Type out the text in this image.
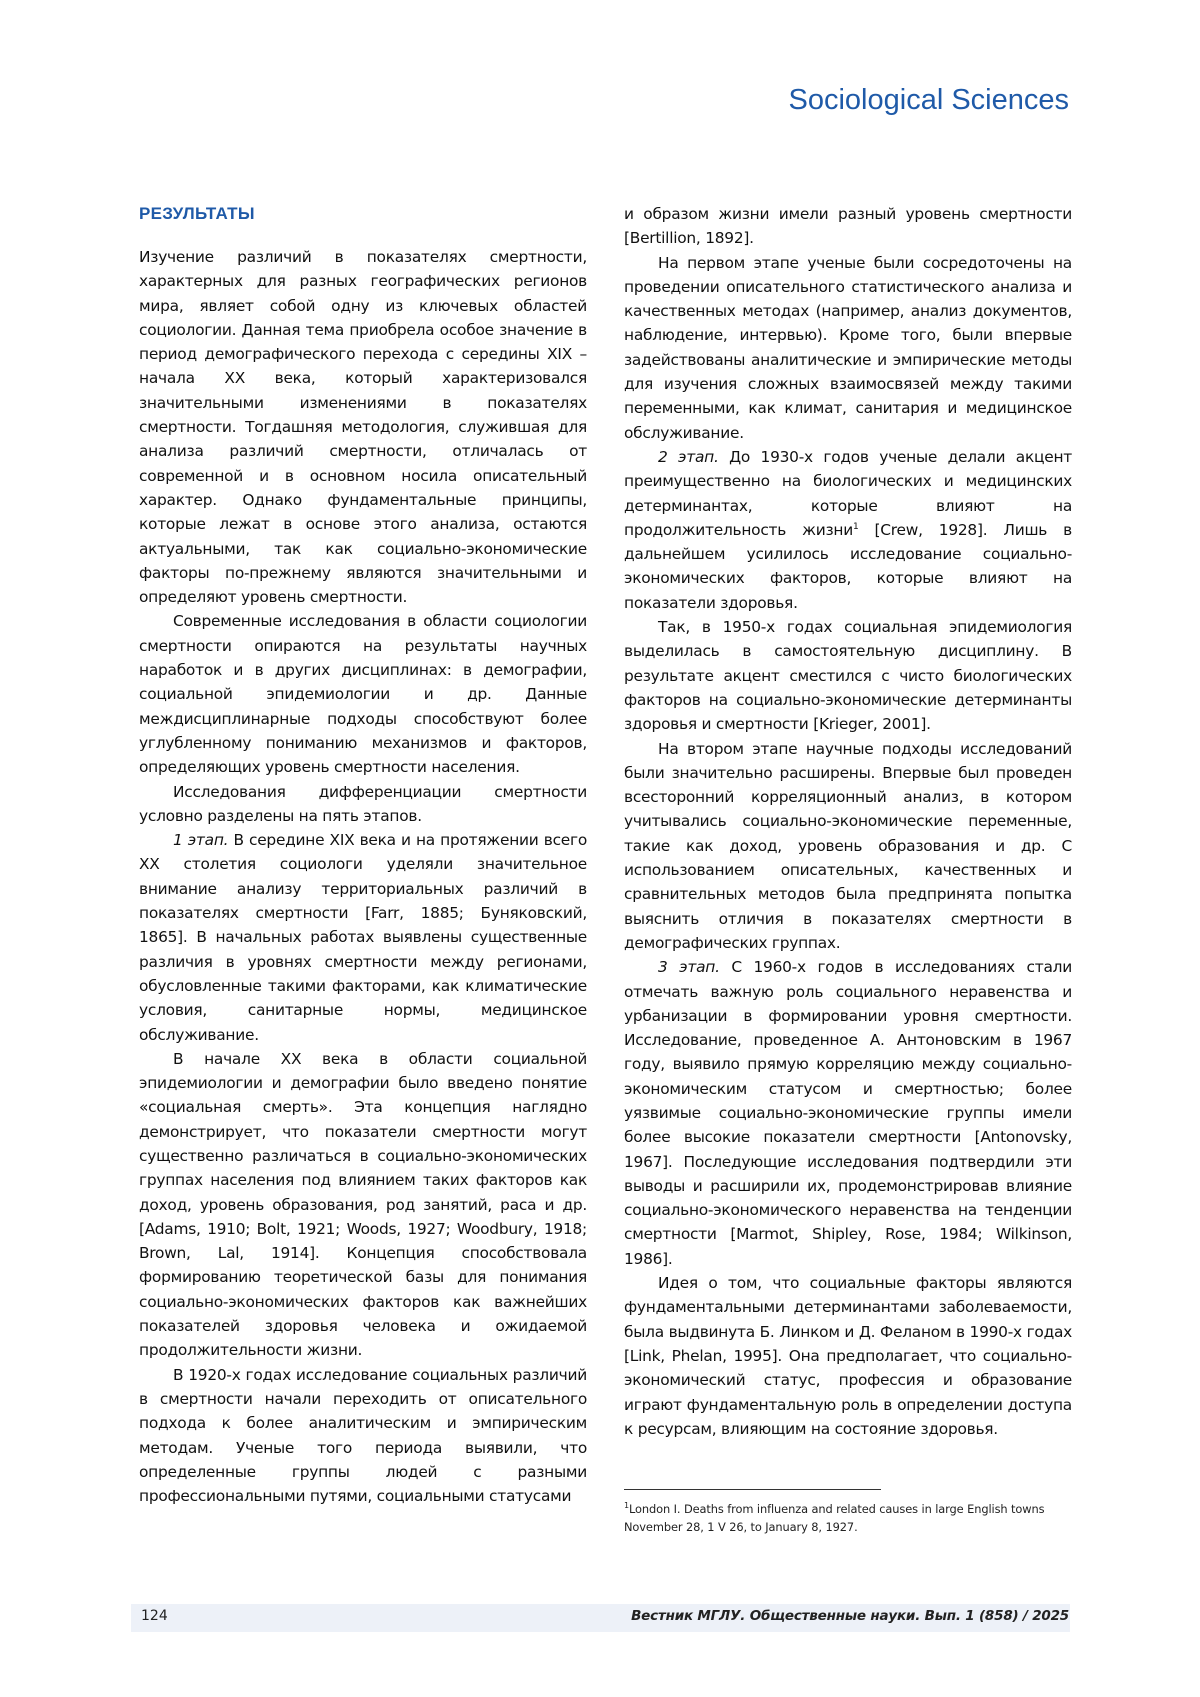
Sociological Sciences
РЕЗУЛЬТАТЫ

Изучение различий в показателях смертности, характерных для разных географических регионов мира, являет собой одну из ключевых областей социологии. Данная тема приобрела особое значение в период демографического перехода с середины XIX – начала XX века, который характеризовался значительными изменениями в показателях смертности. Тогдашняя методология, служившая для анализа различий смертности, отличалась от современной и в основном носила описательный характер. Однако фундаментальные принципы, которые лежат в основе этого анализа, остаются актуальными, так как социально-экономические факторы по-прежнему являются значительными и определяют уровень смертности.

Современные исследования в области социологии смертности опираются на результаты научных наработок и в других дисциплинах: в демографии, социальной эпидемиологии и др. Данные междисциплинарные подходы способствуют более углубленному пониманию механизмов и факторов, определяющих уровень смертности населения.

Исследования дифференциации смертности условно разделены на пять этапов.

1 этап. В середине XIX века и на протяжении всего XX столетия социологи уделяли значительное внимание анализу территориальных различий в показателях смертности [Farr, 1885; Буняковский, 1865]. В начальных работах выявлены существенные различия в уровнях смертности между регионами, обусловленные такими факторами, как климатические условия, санитарные нормы, медицинское обслуживание.

В начале XX века в области социальной эпидемиологии и демографии было введено понятие «социальная смерть». Эта концепция наглядно демонстрирует, что показатели смертности могут существенно различаться в социально-экономических группах населения под влиянием таких факторов как доход, уровень образования, род занятий, раса и др. [Adams, 1910; Bolt, 1921; Woods, 1927; Woodbury, 1918; Brown, Lal, 1914]. Концепция способствовала формированию теоретической базы для понимания социально-экономических факторов как важнейших показателей здоровья человека и ожидаемой продолжительности жизни.

В 1920-х годах исследование социальных различий в смертности начали переходить от описательного подхода к более аналитическим и эмпирическим методам. Ученые того периода выявили, что определенные группы людей с разными профессиональными путями, социальными статусами

и образом жизни имели разный уровень смертности [Bertillion, 1892].

На первом этапе ученые были сосредоточены на проведении описательного статистического анализа и качественных методах (например, анализ документов, наблюдение, интервью). Кроме того, были впервые задействованы аналитические и эмпирические методы для изучения сложных взаимосвязей между такими переменными, как климат, санитария и медицинское обслуживание.

2 этап. До 1930-х годов ученые делали акцент преимущественно на биологических и медицинских детерминантах, которые влияют на продолжительность жизни$^1$ [Crew, 1928]. Лишь в дальнейшем усилилось исследование социально-экономических факторов, которые влияют на показатели здоровья.

Так, в 1950-х годах социальная эпидемиология выделилась в самостоятельную дисциплину. В результате акцент сместился с чисто биологических факторов на социально-экономические детерминанты здоровья и смертности [Krieger, 2001].

На втором этапе научные подходы исследований были значительно расширены. Впервые был проведен всесторонний корреляционный анализ, в котором учитывались социально-экономические переменные, такие как доход, уровень образования и др. С использованием описательных, качественных и сравнительных методов была предпринята попытка выяснить отличия в показателях смертности в демографических группах.

3 этап. С 1960-х годов в исследованиях стали отмечать важную роль социального неравенства и урбанизации в формировании уровня смертности. Исследование, проведенное А. Антоновским в 1967 году, выявило прямую корреляцию между социально-экономическим статусом и смертностью; более уязвимые социально-экономические группы имели более высокие показатели смертности [Antonovsky, 1967]. Последующие исследования подтвердили эти выводы и расширили их, продемонстрировав влияние социально-экономического неравенства на тенденции смертности [Marmot, Shipley, Rose, 1984; Wilkinson, 1986].

Идея о том, что социальные факторы являются фундаментальными детерминантами заболеваемости, была выдвинута Б. Линком и Д. Феланом в 1990-х годах [Link, Phelan, 1995]. Она предполагает, что социально-экономический статус, профессия и образование играют фундаментальную роль в определении доступа к ресурсам, влияющим на состояние здоровья.

$^1$London I. Deaths from influenza and related causes in large English towns November 28, 1 V 26, to January 8, 1927.
124	Вестник МГЛУ. Общественные науки. Вып. 1 (858) / 2025
